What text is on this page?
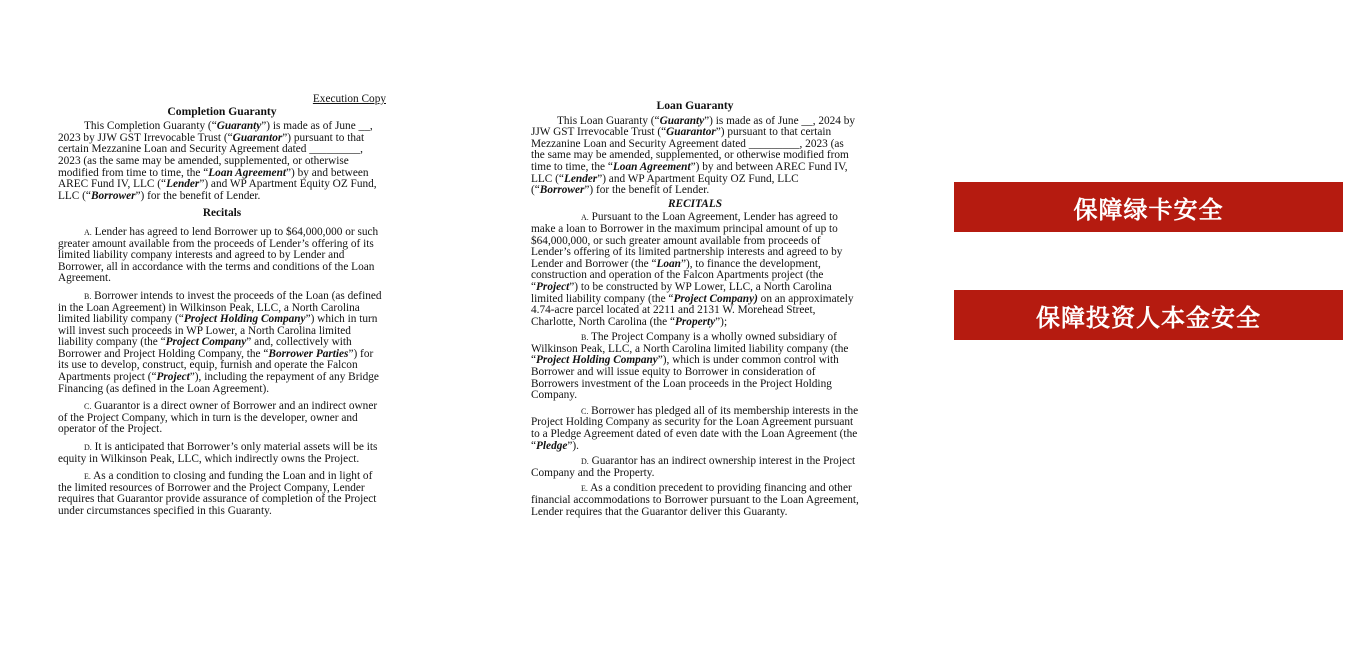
Execution Copy

Completion Guaranty

This Completion Guaranty (“Guaranty”) is made as of June __, 2023 by JJW GST Irrevocable Trust (“Guarantor”) pursuant to that certain Mezzanine Loan and Security Agreement dated _________, 2023 (as the same may be amended, supplemented, or otherwise modified from time to time, the “Loan Agreement”) by and between AREC Fund IV, LLC (“Lender”) and WP Apartment Equity OZ Fund, LLC (“Borrower”) for the benefit of Lender.

Recitals

A. Lender has agreed to lend Borrower up to $64,000,000 or such greater amount available from the proceeds of Lender’s offering of its limited liability company interests and agreed to by Lender and Borrower, all in accordance with the terms and conditions of the Loan Agreement.

B. Borrower intends to invest the proceeds of the Loan (as defined in the Loan Agreement) in Wilkinson Peak, LLC, a North Carolina limited liability company (“Project Holding Company”) which in turn will invest such proceeds in WP Lower, a North Carolina limited liability company (the “Project Company” and, collectively with Borrower and Project Holding Company, the “Borrower Parties”) for its use to develop, construct, equip, furnish and operate the Falcon Apartments project (“Project”), including the repayment of any Bridge Financing (as defined in the Loan Agreement).

C. Guarantor is a direct owner of Borrower and an indirect owner of the Project Company, which in turn is the developer, owner and operator of the Project.

D. It is anticipated that Borrower’s only material assets will be its equity in Wilkinson Peak, LLC, which indirectly owns the Project.

E. As a condition to closing and funding the Loan and in light of the limited resources of Borrower and the Project Company, Lender requires that Guarantor provide assurance of completion of the Project under circumstances specified in this Guaranty.

Loan Guaranty

This Loan Guaranty (“Guaranty”) is made as of June __, 2024 by JJW GST Irrevocable Trust (“Guarantor”) pursuant to that certain Mezzanine Loan and Security Agreement dated _________, 2023 (as the same may be amended, supplemented, or otherwise modified from time to time, the “Loan Agreement”) by and between AREC Fund IV, LLC (“Lender”) and WP Apartment Equity OZ Fund, LLC (“Borrower”) for the benefit of Lender.

RECITALS

A. Pursuant to the Loan Agreement, Lender has agreed to make a loan to Borrower in the maximum principal amount of up to $64,000,000, or such greater amount available from proceeds of Lender’s offering of its limited partnership interests and agreed to by Lender and Borrower (the “Loan”), to finance the development, construction and operation of the Falcon Apartments project (the “Project”) to be constructed by WP Lower, LLC, a North Carolina limited liability company (the “Project Company) on an approximately 4.74-acre parcel located at 2211 and 2131 W. Morehead Street, Charlotte, North Carolina (the “Property”);

B. The Project Company is a wholly owned subsidiary of Wilkinson Peak, LLC, a North Carolina limited liability company (the “Project Holding Company”), which is under common control with Borrower and will issue equity to Borrower in consideration of Borrowers investment of the Loan proceeds in the Project Holding Company.

C. Borrower has pledged all of its membership interests in the Project Holding Company as security for the Loan Agreement pursuant to a Pledge Agreement dated of even date with the Loan Agreement (the “Pledge”).

D. Guarantor has an indirect ownership interest in the Project Company and the Property.

E. As a condition precedent to providing financing and other financial accommodations to Borrower pursuant to the Loan Agreement, Lender requires that the Guarantor deliver this Guaranty.

保障绿卡安全
保障投资人本金安全
